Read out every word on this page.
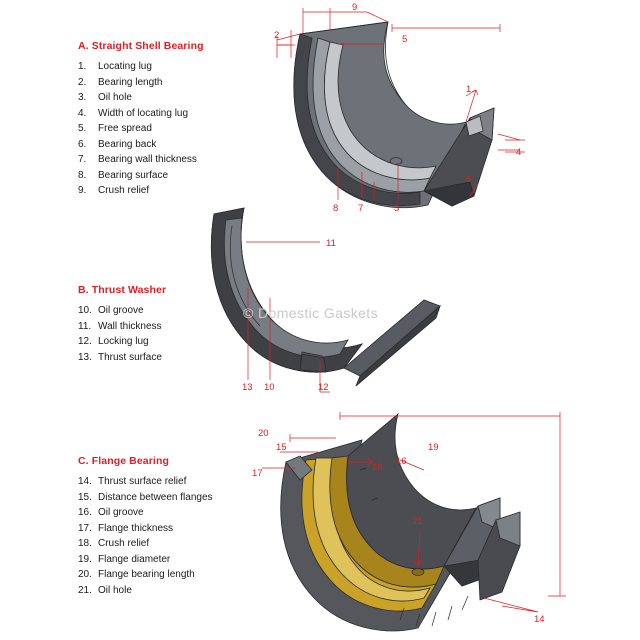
9
2	5
1
4
6
3
7
8
11
13 10	12
20
15
17
19
18
16
21
14
© Domestic Gaskets
A. Straight Shell Bearing
1. Locating lug
2. Bearing length
3. Oil hole
4. Width of locating lug
5. Free spread
6. Bearing back
7. Bearing wall thickness
8. Bearing surface
9. Crush relief
B. Thrust Washer
10. Oil groove
11. Wall thickness
12. Locking lug
13. Thrust surface
C. Flange Bearing
14. Thrust surface relief
15. Distance between flanges
16. Oil groove
17. Flange thickness
18. Crush relief
19. Flange diameter
20. Flange bearing length
21. Oil hole
